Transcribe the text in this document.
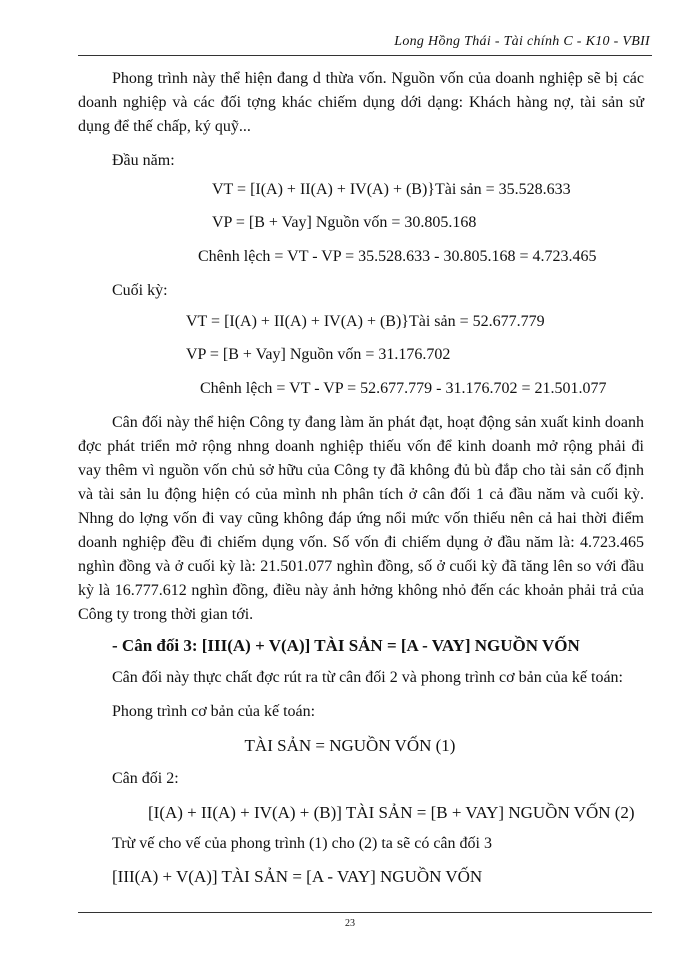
Long Hồng Thái - Tài chính C - K10 - VBII
Phong trình này thể hiện đang d thừa vốn. Nguồn vốn của doanh nghiệp sẽ bị các
doanh nghiệp và các đối tợng khác chiếm dụng dới dạng: Khách hàng nợ, tài sản sử
dụng để thế chấp, ký quỹ...
Đầu năm:
VT = [I(A) + II(A) + IV(A) + (B)}Tài sản = 35.528.633
VP = [B + Vay] Nguồn vốn = 30.805.168
Chênh lệch = VT - VP = 35.528.633 - 30.805.168 = 4.723.465
Cuối kỳ:
VT = [I(A) + II(A) + IV(A) + (B)}Tài sản = 52.677.779
VP = [B + Vay] Nguồn vốn = 31.176.702
Chênh lệch = VT - VP = 52.677.779 - 31.176.702 = 21.501.077
Cân đối này thể hiện Công ty đang làm ăn phát đạt, hoạt động sản xuất kinh doanh
đợc phát triển mở rộng nhng doanh nghiệp thiếu vốn để kinh doanh mở rộng phải đi
vay thêm vì nguồn vốn chủ sở hữu của Công ty đã không đủ bù đắp cho tài sản cố định
và tài sản lu động hiện có của mình nh phân tích ở cân đối 1 cả đầu năm và cuối kỳ.
Nhng do lợng vốn đi vay cũng không đáp ứng nổi mức vốn thiếu nên cả hai thời điểm
doanh nghiệp đều đi chiếm dụng vốn. Số vốn đi chiếm dụng ở đầu năm là: 4.723.465
nghìn đồng và ở cuối kỳ là: 21.501.077 nghìn đồng, số ở cuối kỳ đã tăng lên so với đầu
kỳ là 16.777.612 nghìn đồng, điều này ảnh hởng không nhỏ đến các khoản phải trả của
Công ty trong thời gian tới.
- Cân đối 3: [III(A) + V(A)] TÀI SẢN = [A - VAY] NGUỒN VỐN
Cân đối này thực chất đợc rút ra từ cân đối 2 và phong trình cơ bản của kế toán:
Phong trình cơ bản của kế toán:
TÀI SẢN = NGUỒN VỐN (1)
Cân đối 2:
[I(A) + II(A) + IV(A) + (B)] TÀI SẢN = [B + VAY] NGUỒN VỐN (2)
Trừ vế cho vế của phong trình (1) cho (2) ta sẽ có cân đối 3
[III(A) + V(A)] TÀI SẢN = [A - VAY] NGUỒN VỐN
23
